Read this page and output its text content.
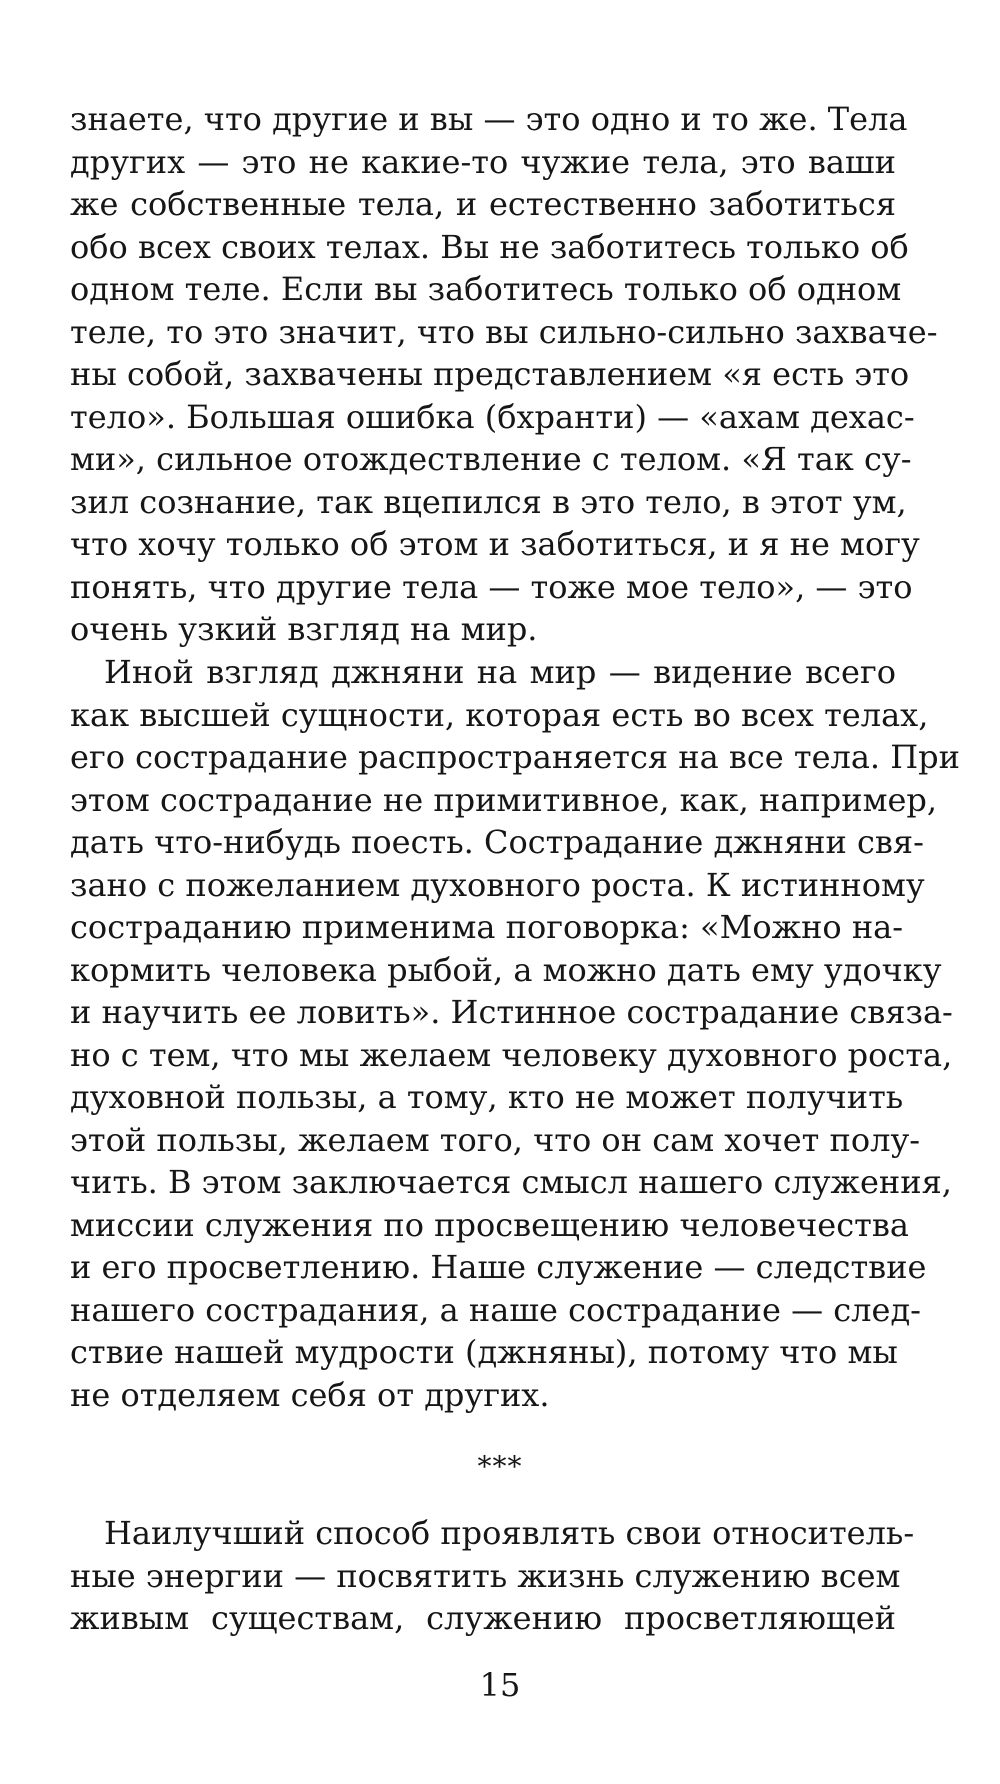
знаете, что другие и вы — это одно и то же. Тела
других — это не какие-то чужие тела, это ваши
же собственные тела, и естественно заботиться
обо всех своих телах. Вы не заботитесь только об
одном теле. Если вы заботитесь только об одном
теле, то это значит, что вы сильно-сильно захваче-
ны собой, захвачены представлением «я есть это
тело». Большая ошибка (бхранти) — «ахам дехас-
ми», сильное отождествление с телом. «Я так су-
зил сознание, так вцепился в это тело, в этот ум,
что хочу только об этом и заботиться, и я не могу
понять, что другие тела — тоже мое тело», — это
очень узкий взгляд на мир.
Иной взгляд джняни на мир — видение всего
как высшей сущности, которая есть во всех телах,
его сострадание распространяется на все тела. При
этом сострадание не примитивное, как, например,
дать что-нибудь поесть. Сострадание джняни свя-
зано с пожеланием духовного роста. К истинному
состраданию применима поговорка: «Можно на-
кормить человека рыбой, а можно дать ему удочку
и научить ее ловить». Истинное сострадание связа-
но с тем, что мы желаем человеку духовного роста,
духовной пользы, а тому, кто не может получить
этой пользы, желаем того, что он сам хочет полу-
чить. В этом заключается смысл нашего служения,
миссии служения по просвещению человечества
и его просветлению. Наше служение — следствие
нашего сострадания, а наше сострадание — след-
ствие нашей мудрости (джняны), потому что мы
не отделяем себя от других.
***
Наилучший способ проявлять свои относитель-
ные энергии — посвятить жизнь служению всем
живым существам, служению просветляющей
15
